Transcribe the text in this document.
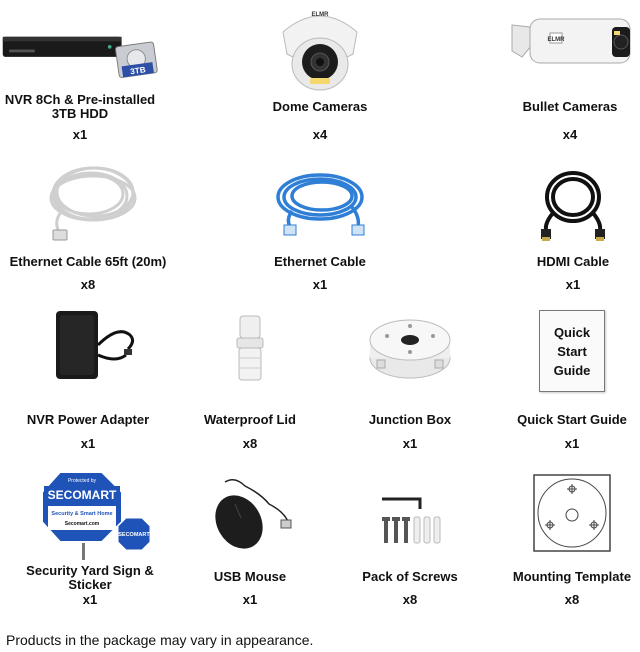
3TB
NVR 8Ch & Pre-installed 3TB HDD
x1
ELMR
Dome Cameras
x4
ELMR
Bullet Cameras
x4
Ethernet Cable 65ft (20m)
x8
Ethernet Cable
x1
HDMI Cable
x1
NVR Power Adapter
x1
Waterproof Lid
x8
Junction Box
x1
Quick
Start
Guide
Quick Start Guide
x1
Protected by
SECOMART
Security & Smart Home
Secomart.com
SECOMART
Security Yard Sign & Sticker
x1
USB Mouse
x1
Pack of Screws
x8
Mounting Template
x8
Products in the package may vary in appearance.
